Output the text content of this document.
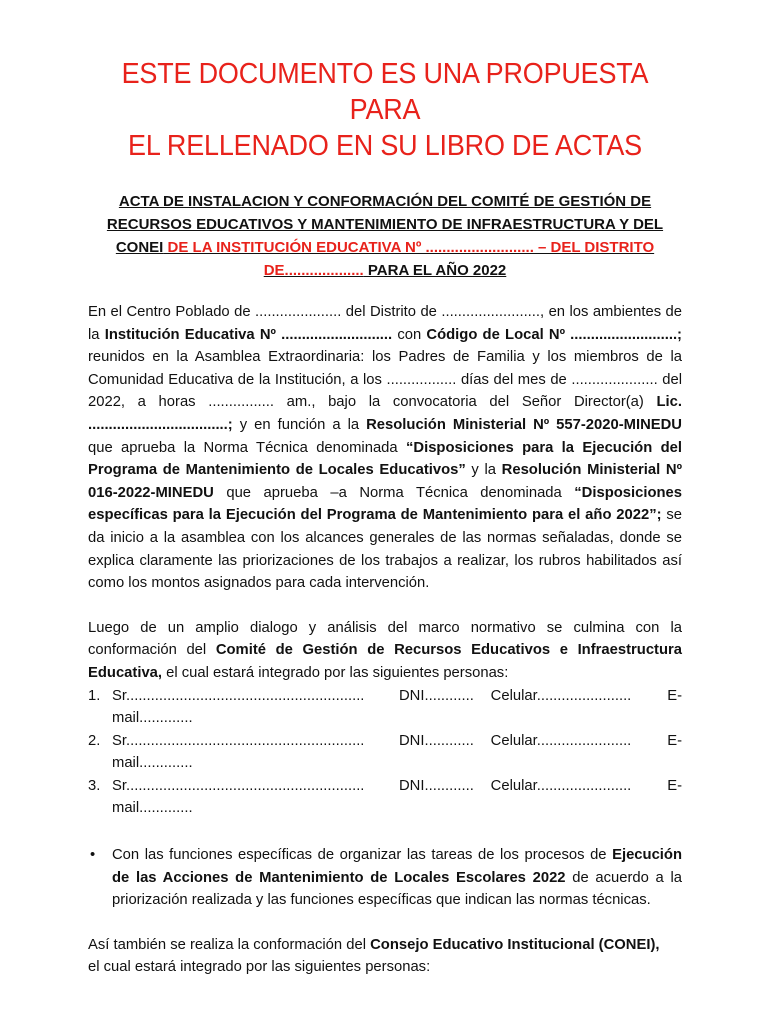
ESTE DOCUMENTO ES UNA PROPUESTA PARA
EL RELLENADO EN SU LIBRO DE ACTAS

ACTA DE INSTALACION Y CONFORMACIÓN DEL COMITÉ DE GESTIÓN DE RECURSOS EDUCATIVOS Y MANTENIMIENTO DE INFRAESTRUCTURA Y DEL CONEI DE LA INSTITUCIÓN EDUCATIVA Nº .......................... – DEL DISTRITO DE................... PARA EL AÑO 2022

En el Centro Poblado de ..................... del Distrito de ........................, en los ambientes de la Institución Educativa Nº ........................... con Código de Local Nº ..........................; reunidos en la Asamblea Extraordinaria: los Padres de Familia y los miembros de la Comunidad Educativa de la Institución, a los ................. días del mes de ..................... del 2022, a horas ................ am., bajo la convocatoria del Señor Director(a) Lic. ..................................; y en función a la Resolución Ministerial Nº 557-2020-MINEDU que aprueba la Norma Técnica denominada “Disposiciones para la Ejecución del Programa de Mantenimiento de Locales Educativos” y la Resolución Ministerial Nº 016-2022-MINEDU que aprueba –a Norma Técnica denominada “Disposiciones específicas para la Ejecución del Programa de Mantenimiento para el año 2022”; se da inicio a la asamblea con los alcances generales de las normas señaladas, donde se explica claramente las priorizaciones de los trabajos a realizar, los rubros habilitados así como los montos asignados para cada intervención.

Luego de un amplio dialogo y análisis del marco normativo se culmina con la conformación del Comité de Gestión de Recursos Educativos e Infraestructura Educativa, el cual estará integrado por las siguientes personas:

1. Sr..........................................................	DNI............	Celular.......................	E-
mail.............
2. Sr..........................................................	DNI............	Celular.......................	E-
mail.............
3. Sr..........................................................	DNI............	Celular.......................	E-
mail.............

• Con las funciones específicas de organizar las tareas de los procesos de Ejecución de las Acciones de Mantenimiento de Locales Escolares 2022 de acuerdo a la priorización realizada y las funciones específicas que indican las normas técnicas.

Así también se realiza la conformación del Consejo Educativo Institucional (CONEI),

el cual estará integrado por las siguientes personas:
